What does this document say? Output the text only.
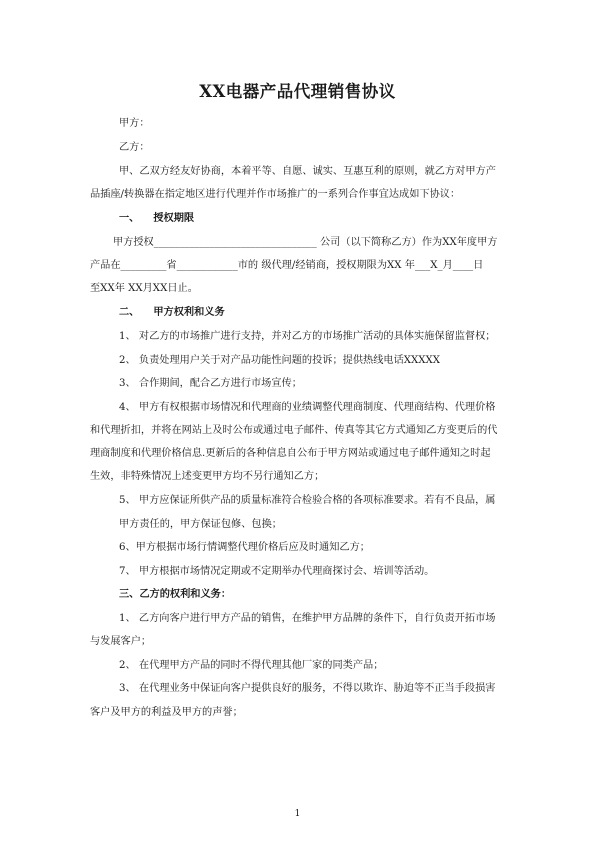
XX电器产品代理销售协议
甲方：
乙方：
甲、乙双方经友好协商，本着平等、自愿、诚实、互惠互利的原则，就乙方对甲方产
品插座/转换器在指定地区进行代理并作市场推广的一系列合作事宜达成如下协议：
一、 授权期限
甲方授权________________________________ 公司（以下简称乙方）作为XX年度甲方
产品在_________省____________市的 级代理/经销商，授权期限为XX 年___X_月____日
至XX年 XX月XX日止。
二、 甲方权利和义务
1、 对乙方的市场推广进行支持，并对乙方的市场推广活动的具体实施保留监督权；
2、 负责处理用户关于对产品功能性问题的投诉；提供热线电话XXXXX
3、 合作期间，配合乙方进行市场宣传；
4、 甲方有权根据市场情况和代理商的业绩调整代理商制度、代理商结构、代理价格
和代理折扣，并将在网站上及时公布或通过电子邮件、传真等其它方式通知乙方变更后的代
理商制度和代理价格信息.更新后的各种信息自公布于甲方网站或通过电子邮件通知之时起
生效，非特殊情况上述变更甲方均不另行通知乙方；
5、 甲方应保证所供产品的质量标准符合检验合格的各项标准要求。若有不良品，属
甲方责任的，甲方保证包修、包换；
6、甲方根据市场行情调整代理价格后应及时通知乙方；
7、 甲方根据市场情况定期或不定期举办代理商探讨会、培训等活动。
三、乙方的权利和义务：
1、 乙方向客户进行甲方产品的销售，在维护甲方品牌的条件下，自行负责开拓市场
与发展客户；
2、 在代理甲方产品的同时不得代理其他厂家的同类产品；
3、 在代理业务中保证向客户提供良好的服务，不得以欺诈、胁迫等不正当手段损害
客户及甲方的利益及甲方的声誉；
1
